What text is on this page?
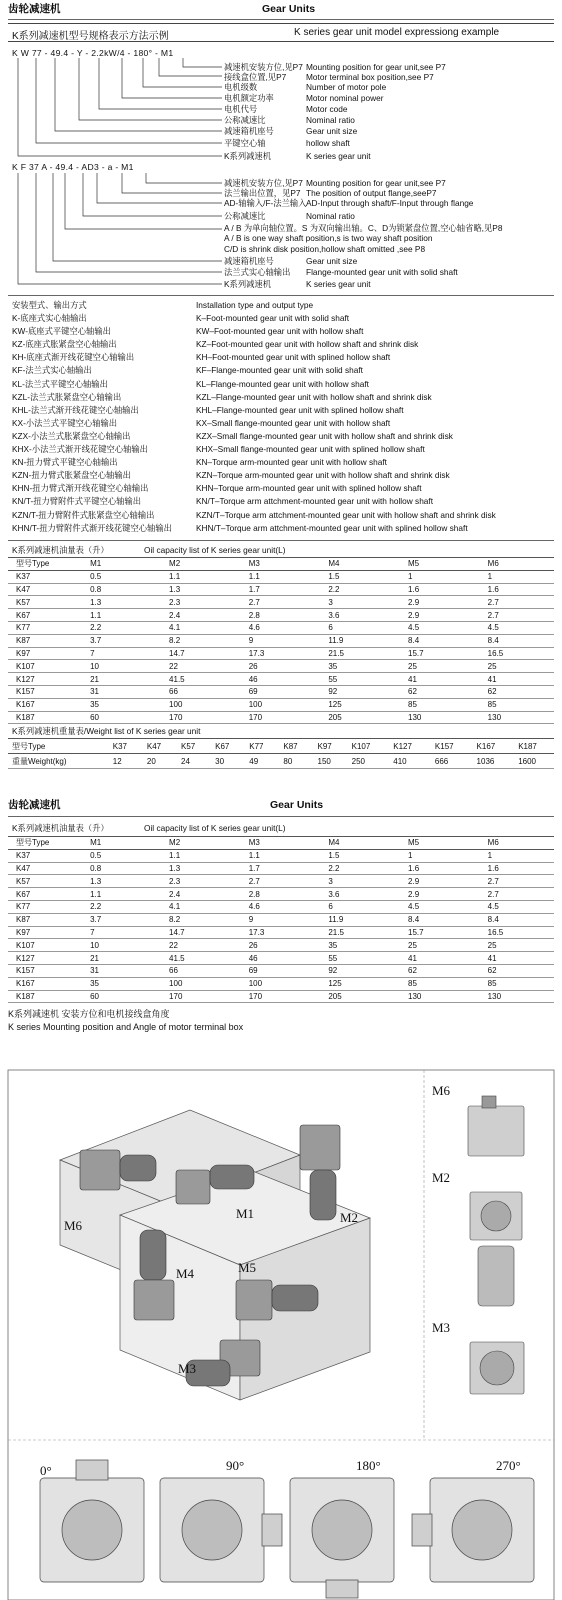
齿轮减速机	Gear Units
K系列减速机型号规格表示方法示例	K series gear unit model expressiong example
K W 77 - 49.4 - Y - 2.2kW/4 - 180° - M1
减速机安装方位,见P7 Mounting position for gear unit,see P7
接线盒位置,见P7 Motor terminal box position,see P7
电机级数	Number of motor pole
电机额定功率	Motor nominal power
电机代号	Motor code
公称减速比	Nominal ratio
减速箱机座号	Gear unit size
平键空心轴	hollow shaft
K系列减速机	K series gear unit
K F 37 A - 49.4 - AD3 - a - M1
减速机安装方位,见P7 Mounting position for gear unit,see P7
法兰输出位置，见P7 The position of output flange,seeP7
AD-轴输入/F-法兰输入 AD-Input through shaft/F-Input through flange
公称减速比	Nominal ratio
A / B 为单向轴位置。S 为双向输出轴。C、D为锁紧盘位置,空心轴省略,见P8
A / B is one way shaft position,s is two way shaft position
C/D is shrink disk position,hollow shaft omitted ,see P8
减速箱机座号	Gear unit size
法兰式实心轴输出 Flange-mounted gear unit with solid shaft
K系列减速机	K series gear unit
安装型式、输出方式	Installation type and output type
K-底座式实心轴输出	K–Foot-mounted gear unit with solid shaft
KW-底座式平键空心轴输出	KW–Foot-mounted gear unit with hollow shaft
KZ-底座式胀紧盘空心轴输出	KZ–Foot-mounted gear unit with hollow shaft and shrink disk
KH-底座式渐开线花键空心轴输出	KH–Foot-mounted gear unit with splined hollow shaft
KF-法兰式实心轴输出	KF–Flange-mounted gear unit with solid shaft
KL-法兰式平键空心轴输出	KL–Flange-mounted gear unit with hollow shaft
KZL-法兰式胀紧盘空心轴输出	KZL–Flange-mounted gear unit with hollow shaft and shrink disk
KHL-法兰式渐开线花键空心轴输出	KHL–Flange-mounted gear unit with splined hollow shaft
KX-小法兰式平键空心轴输出	KX–Small flange-mounted gear unit with hollow shaft
KZX-小法兰式胀紧盘空心轴输出	KZX–Small flange-mounted gear unit with hollow shaft and shrink disk
KHX-小法兰式渐开线花键空心轴输出	KHX–Small flange-mounted gear unit with splined hollow shaft
KN-扭力臂式平键空心轴输出	KN–Torque arm-mounted gear unit with hollow shaft
KZN-扭力臂式胀紧盘空心轴输出	KZN–Torque arm-mounted gear unit with hollow shaft and shrink disk
KHN-扭力臂式渐开线花键空心轴输出	KHN–Torque arm-mounted gear unit with splined hollow shaft
KN/T-扭力臂附件式平键空心轴输出	KN/T–Torque arm attchment-mounted gear unit with hollow shaft
KZN/T-扭力臂附件式胀紧盘空心轴输出	KZN/T–Torque arm attchment-mounted gear unit with hollow shaft and shrink disk
KHN/T-扭力臂附件式渐开线花键空心轴输出	KHN/T–Torque arm attchment-mounted gear unit with splined hollow shaft
K系列减速机油量表（升）	Oil capacity list of K series gear unit(L)
型号Type	M1	M2	M3	M4	M5	M6
K37	0.5	1.1	1.1	1.5	1	1
K47	0.8	1.3	1.7	2.2	1.6	1.6
K57	1.3	2.3	2.7	3	2.9	2.7
K67	1.1	2.4	2.8	3.6	2.9	2.7
K77	2.2	4.1	4.6	6	4.5	4.5
K87	3.7	8.2	9	11.9	8.4	8.4
K97	7	14.7	17.3	21.5	15.7	16.5
K107	10	22	26	35	25	25
K127	21	41.5	46	55	41	41
K157	31	66	69	92	62	62
K167	35	100	100	125	85	85
K187	60	170	170	205	130	130
K系列减速机重量表/Weight list of K series gear unit
型号Type	K37	K47	K57	K67	K77	K87	K97	K107	K127	K157	K167	K187
重量Weight(kg)	12	20	24	30	49	80	150	250	410	666	1036	1600
齿轮减速机	Gear Units
K系列减速机油量表（升）	Oil capacity list of K series gear unit(L)
型号Type	M1	M2	M3	M4	M5	M6
K37	0.5	1.1	1.1	1.5	1	1
K47	0.8	1.3	1.7	2.2	1.6	1.6
K57	1.3	2.3	2.7	3	2.9	2.7
K67	1.1	2.4	2.8	3.6	2.9	2.7
K77	2.2	4.1	4.6	6	4.5	4.5
K87	3.7	8.2	9	11.9	8.4	8.4
K97	7	14.7	17.3	21.5	15.7	16.5
K107	10	22	26	35	25	25
K127	21	41.5	46	55	41	41
K157	31	66	69	92	62	62
K167	35	100	100	125	85	85
K187	60	170	170	205	130	130
K系列减速机 安装方位和电机接线盒角度
K series Mounting position and Angle of motor terminal box
M6
M1	M2
M4	M5
M3
M6
M2
M3
0°	90°	180°	270°
